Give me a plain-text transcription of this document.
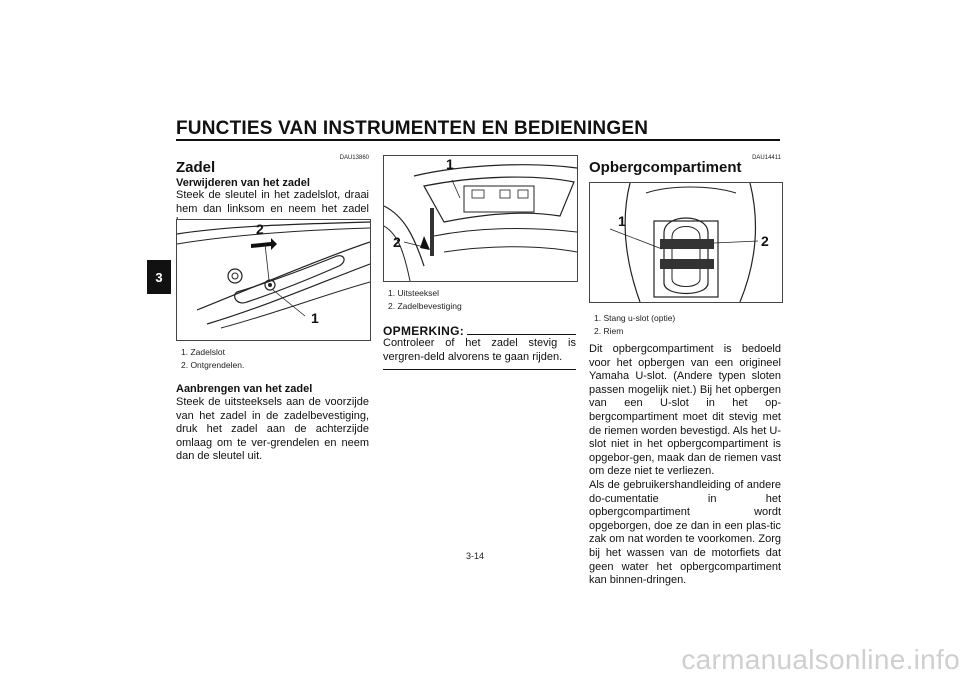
FUNCTIES VAN INSTRUMENTEN EN BEDIENINGEN
3
DAU13860
Zadel
Verwijderen van het zadel
Steek de sleutel in het zadelslot, draai hem dan linksom en neem het zadel
2
1
1. Zadelslot
2. Ontgrendelen.
Aanbrengen van het zadel
Steek de uitsteeksels aan de voorzijde van het zadel in de zadelbevestiging, druk het zadel aan de achterzijde omlaag om te ver-grendelen en neem dan de sleutel uit.
1
2
1. Uitsteeksel
2. Zadelbevestiging
OPMERKING:
Controleer of het zadel stevig is vergren-deld alvorens te gaan rijden.
DAU14411
Opbergcompartiment
1
2
1. Stang u-slot (optie)
2. Riem

Dit opbergcompartiment is bedoeld voor het opbergen van een origineel Yamaha U-slot. (Andere typen sloten passen mogelijk niet.) Bij het opbergen van een U-slot in het op-bergcompartiment moet dit stevig met de riemen worden bevestigd. Als het U-slot niet in het opbergcompartiment is opgebor-gen, maak dan de riemen vast om deze niet te verliezen.

Als de gebruikershandleiding of andere do-cumentatie in het opbergcompartiment wordt opgeborgen, doe ze dan in een plas-tic zak om nat worden te voorkomen. Zorg bij het wassen van de motorfiets dat geen water het opbergcompartiment kan binnen-dringen.

3-14
carmanualsonline.info
